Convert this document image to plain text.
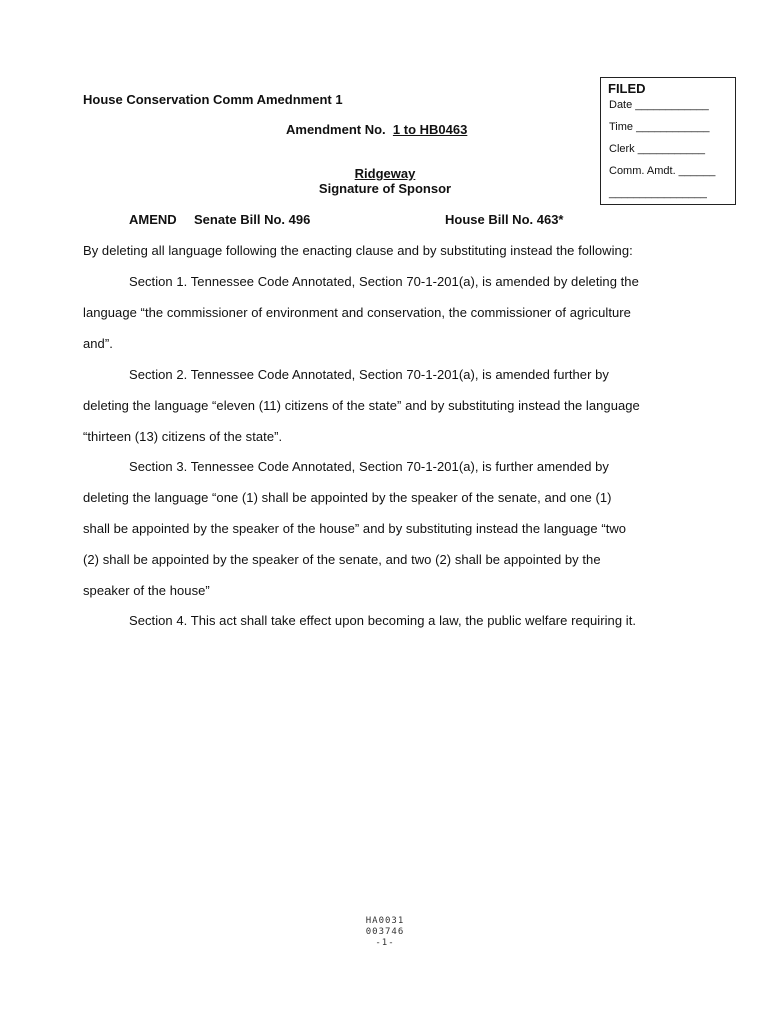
FILED
Date ____________
Time ____________
Clerk ___________
Comm. Amdt. ______
________________
House Conservation Comm Amednment 1
Amendment No. 1 to HB0463
Ridgeway
Signature of Sponsor
AMEND Senate Bill No. 496	House Bill No. 463*
By deleting all language following the enacting clause and by substituting instead the following:
Section 1. Tennessee Code Annotated, Section 70-1-201(a), is amended by deleting the
language “the commissioner of environment and conservation, the commissioner of agriculture
and”.
Section 2. Tennessee Code Annotated, Section 70-1-201(a), is amended further by
deleting the language “eleven (11) citizens of the state” and by substituting instead the language
“thirteen (13) citizens of the state”.
Section 3. Tennessee Code Annotated, Section 70-1-201(a), is further amended by
deleting the language “one (1) shall be appointed by the speaker of the senate, and one (1)
shall be appointed by the speaker of the house” and by substituting instead the language “two
(2) shall be appointed by the speaker of the senate, and two (2) shall be appointed by the
speaker of the house”
Section 4. This act shall take effect upon becoming a law, the public welfare requiring it.
HA0031
003746
-1-
